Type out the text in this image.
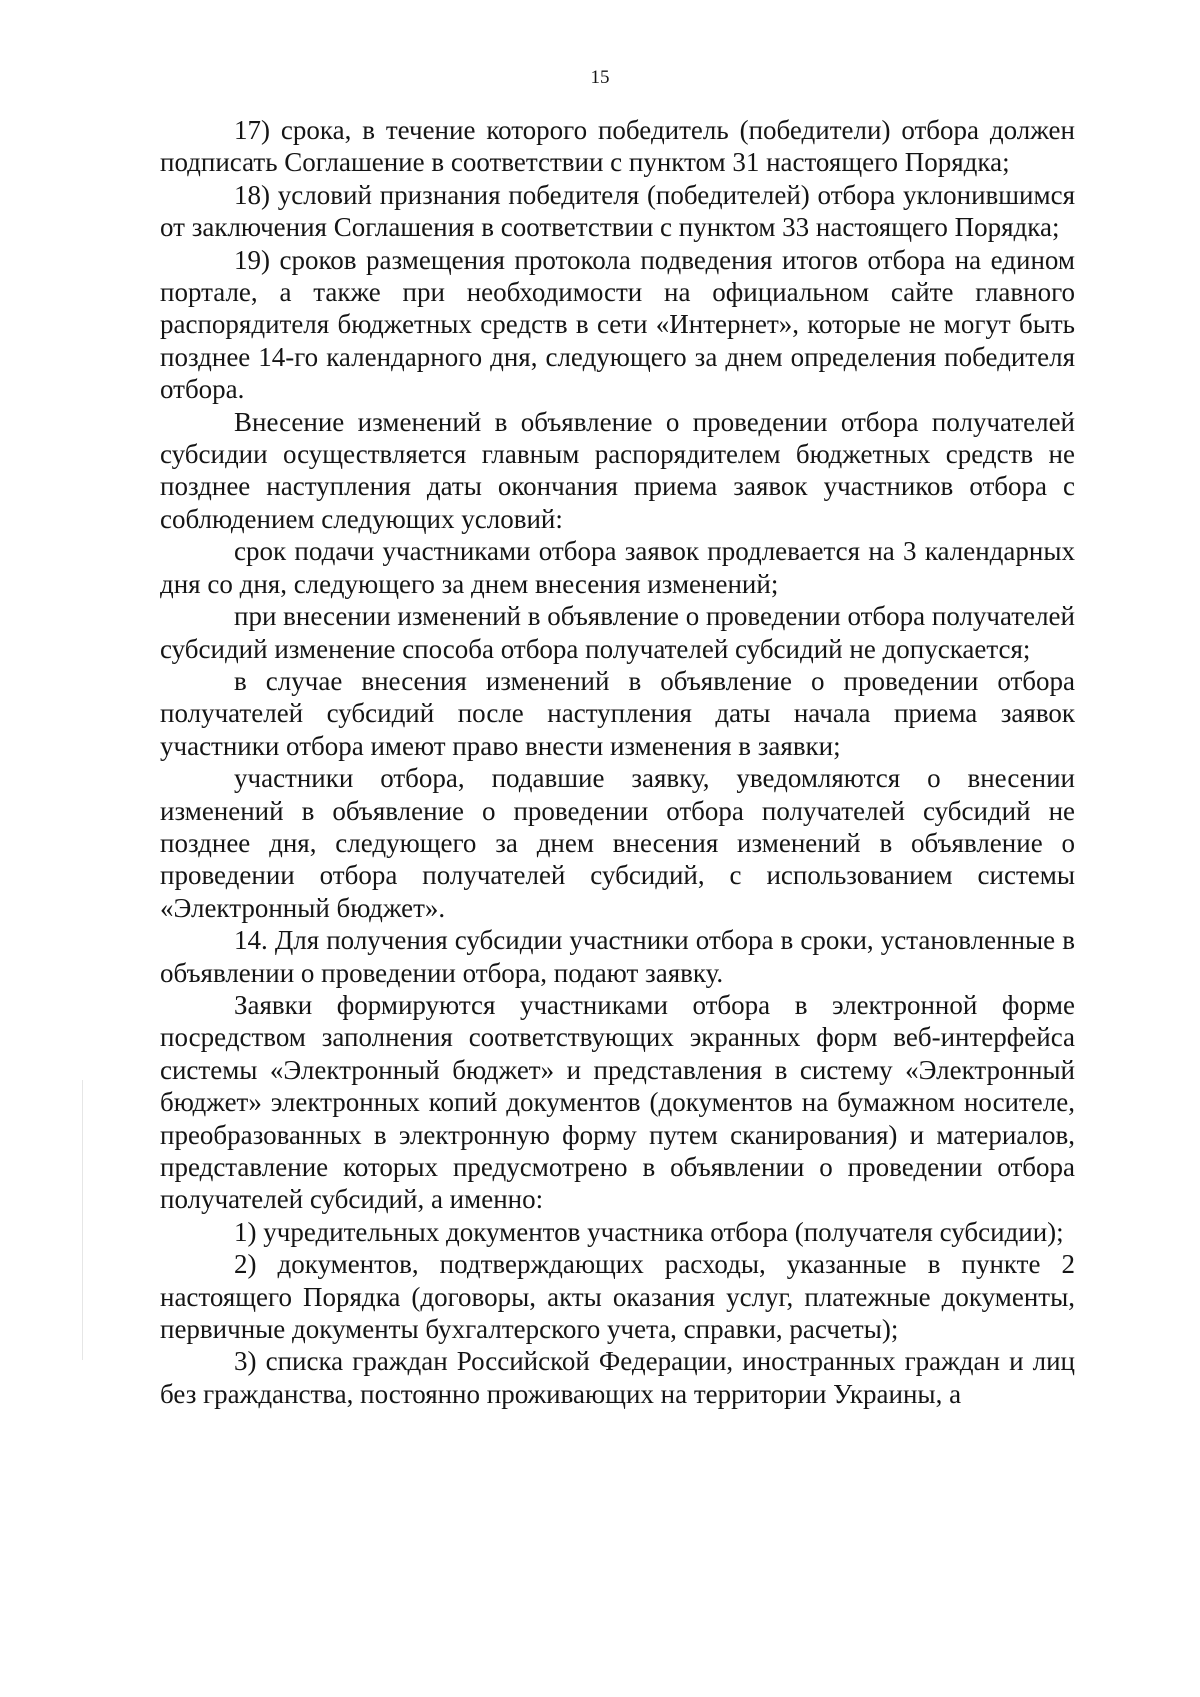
15

17) срока, в течение которого победитель (победители) отбора должен подписать Соглашение в соответствии с пунктом 31 настоящего Порядка;

18) условий признания победителя (победителей) отбора уклонившимся от заключения Соглашения в соответствии с пунктом 33 настоящего Порядка;

19) сроков размещения протокола подведения итогов отбора на едином портале, а также при необходимости на официальном сайте главного распорядителя бюджетных средств в сети «Интернет», которые не могут быть позднее 14-го календарного дня, следующего за днем определения победителя отбора.

Внесение изменений в объявление о проведении отбора получателей субсидии осуществляется главным распорядителем бюджетных средств не позднее наступления даты окончания приема заявок участников отбора с соблюдением следующих условий:

срок подачи участниками отбора заявок продлевается на 3 календарных дня со дня, следующего за днем внесения изменений;

при внесении изменений в объявление о проведении отбора получателей субсидий изменение способа отбора получателей субсидий не допускается;

в случае внесения изменений в объявление о проведении отбора получателей субсидий после наступления даты начала приема заявок участники отбора имеют право внести изменения в заявки;

участники отбора, подавшие заявку, уведомляются о внесении изменений в объявление о проведении отбора получателей субсидий не позднее дня, следующего за днем внесения изменений в объявление о проведении отбора получателей субсидий, с использованием системы «Электронный бюджет».

14. Для получения субсидии участники отбора в сроки, установленные в объявлении о проведении отбора, подают заявку.

Заявки формируются участниками отбора в электронной форме посредством заполнения соответствующих экранных форм веб-интерфейса системы «Электронный бюджет» и представления в систему «Электронный бюджет» электронных копий документов (документов на бумажном носителе, преобразованных в электронную форму путем сканирования) и материалов, представление которых предусмотрено в объявлении о проведении отбора получателей субсидий, а именно:

1) учредительных документов участника отбора (получателя субсидии);

2) документов, подтверждающих расходы, указанные в пункте 2 настоящего Порядка (договоры, акты оказания услуг, платежные документы, первичные документы бухгалтерского учета, справки, расчеты);

3) списка граждан Российской Федерации, иностранных граждан и лиц без гражданства, постоянно проживающих на территории Украины, а
